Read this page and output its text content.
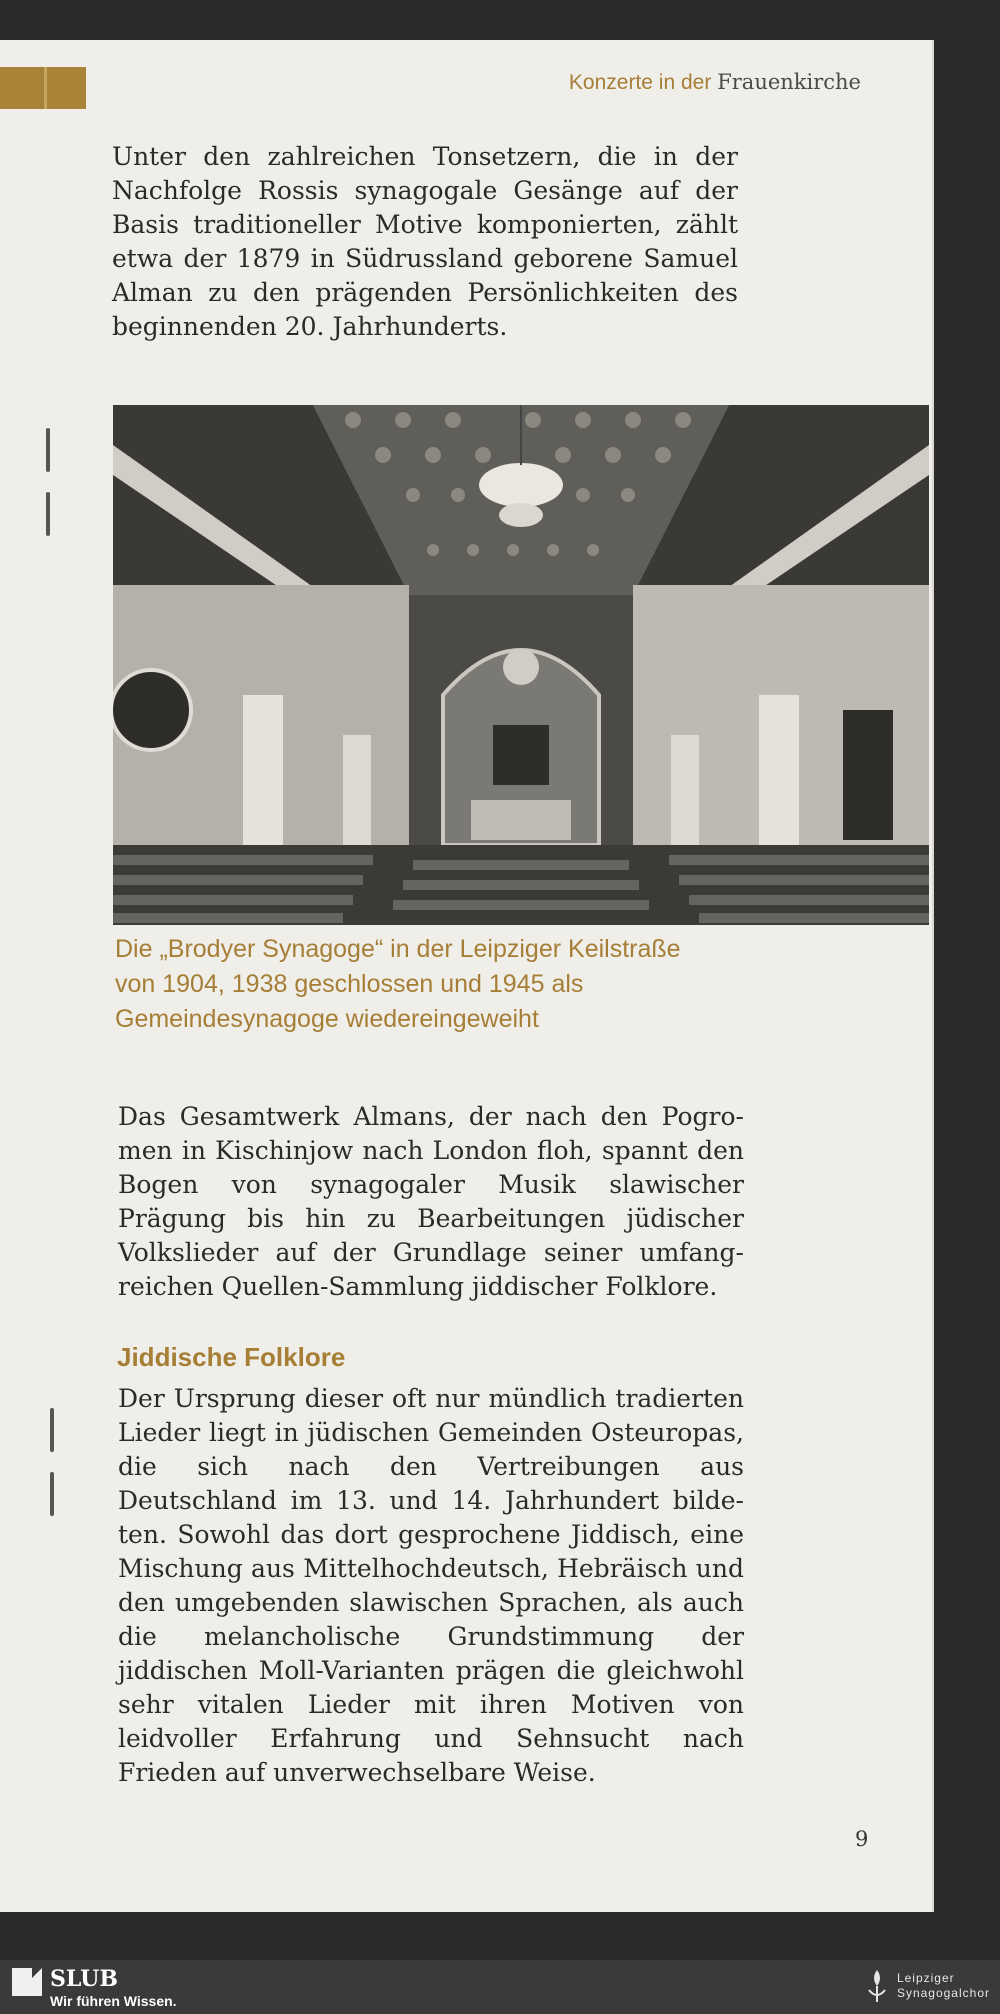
Konzerte in der Frauenkirche
Unter den zahlreichen Tonsetzern, die in der Nachfolge Rossis synagogale Gesänge auf der Basis traditioneller Motive komponierten, zählt etwa der 1879 in Südrussland geborene Samuel Alman zu den prägenden Persönlichkeiten des beginnenden 20. Jahrhunderts.
Die „Brodyer Synagoge“ in der Leipziger Keilstraße von 1904, 1938 geschlossen und 1945 als Gemeindesynagoge wiedereingeweiht
Das Gesamtwerk Almans, der nach den Pogromen in Kischinjow nach London floh, spannt den Bogen von synagogaler Musik slawischer Prägung bis hin zu Bearbeitungen jüdischer Volkslieder auf der Grundlage seiner umfangreichen Quellen-Sammlung jiddischer Folklore.
Jiddische Folklore
Der Ursprung dieser oft nur mündlich tradierten Lieder liegt in jüdischen Gemeinden Osteuropas, die sich nach den Vertreibungen aus Deutschland im 13. und 14. Jahrhundert bildeten. Sowohl das dort gesprochene Jiddisch, eine Mischung aus Mittelhochdeutsch, Hebräisch und den umgebenden slawischen Sprachen, als auch die melancholische Grundstimmung der jiddischen Moll-Varianten prägen die gleichwohl sehr vitalen Lieder mit ihren Motiven von leidvoller Erfahrung und Sehnsucht nach Frieden auf unverwechselbare Weise.
9
SLUB
Wir führen Wissen.
Leipziger
Synagogalchor
